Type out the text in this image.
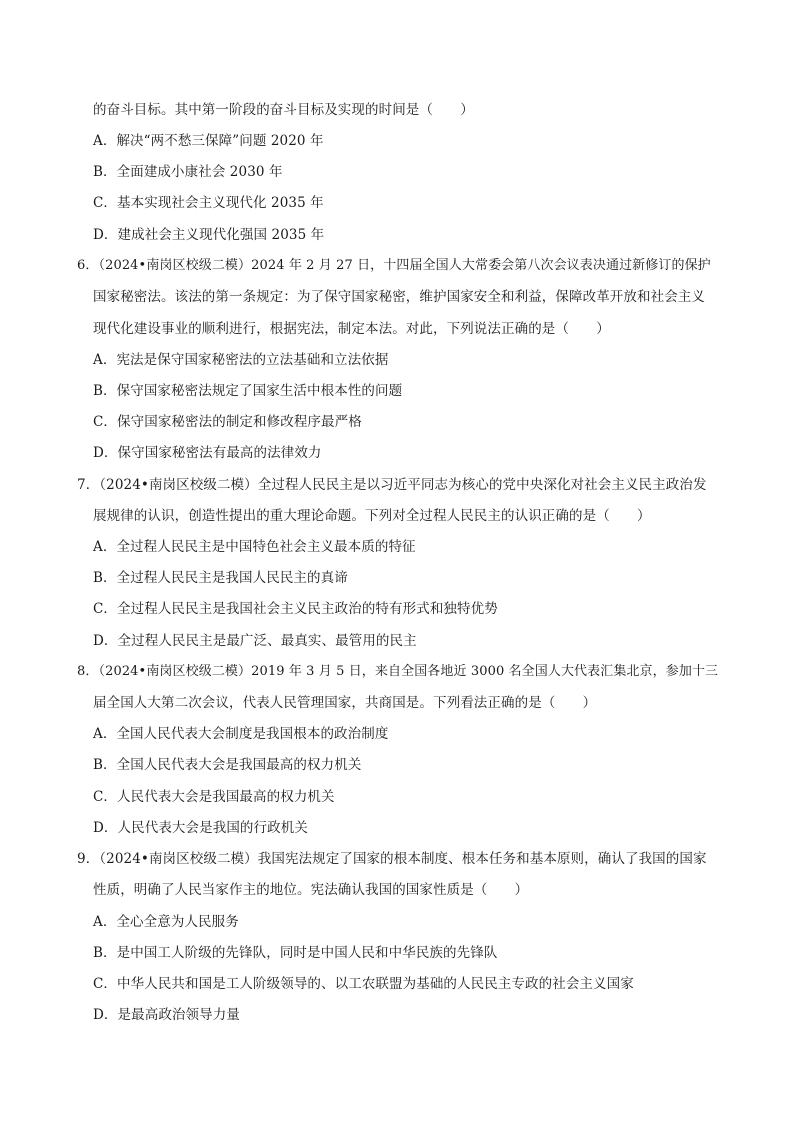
的奋斗目标。其中第一阶段的奋斗目标及实现的时间是（　　）
A．解决“两不愁三保障”问题 2020 年
B．全面建成小康社会 2030 年
C．基本实现社会主义现代化 2035 年
D．建成社会主义现代化强国 2035 年
6．（2024•南岗区校级二模）2024 年 2 月 27 日，十四届全国人大常委会第八次会议表决通过新修订的保护
国家秘密法。该法的第一条规定：为了保守国家秘密，维护国家安全和利益，保障改革开放和社会主义
现代化建设事业的顺利进行，根据宪法，制定本法。对此，下列说法正确的是（　　）
A．宪法是保守国家秘密法的立法基础和立法依据
B．保守国家秘密法规定了国家生活中根本性的问题
C．保守国家秘密法的制定和修改程序最严格
D．保守国家秘密法有最高的法律效力
7．（2024•南岗区校级二模）全过程人民民主是以习近平同志为核心的党中央深化对社会主义民主政治发
展规律的认识，创造性提出的重大理论命题。下列对全过程人民民主的认识正确的是（　　）
A．全过程人民民主是中国特色社会主义最本质的特征
B．全过程人民民主是我国人民民主的真谛
C．全过程人民民主是我国社会主义民主政治的特有形式和独特优势
D．全过程人民民主是最广泛、最真实、最管用的民主
8．（2024•南岗区校级二模）2019 年 3 月 5 日，来自全国各地近 3000 名全国人大代表汇集北京，参加十三
届全国人大第二次会议，代表人民管理国家，共商国是。下列看法正确的是（　　）
A．全国人民代表大会制度是我国根本的政治制度
B．全国人民代表大会是我国最高的权力机关
C．人民代表大会是我国最高的权力机关
D．人民代表大会是我国的行政机关
9．（2024•南岗区校级二模）我国宪法规定了国家的根本制度、根本任务和基本原则，确认了我国的国家
性质，明确了人民当家作主的地位。宪法确认我国的国家性质是（　　）
A．全心全意为人民服务
B．是中国工人阶级的先锋队，同时是中国人民和中华民族的先锋队
C．中华人民共和国是工人阶级领导的、以工农联盟为基础的人民民主专政的社会主义国家
D．是最高政治领导力量
